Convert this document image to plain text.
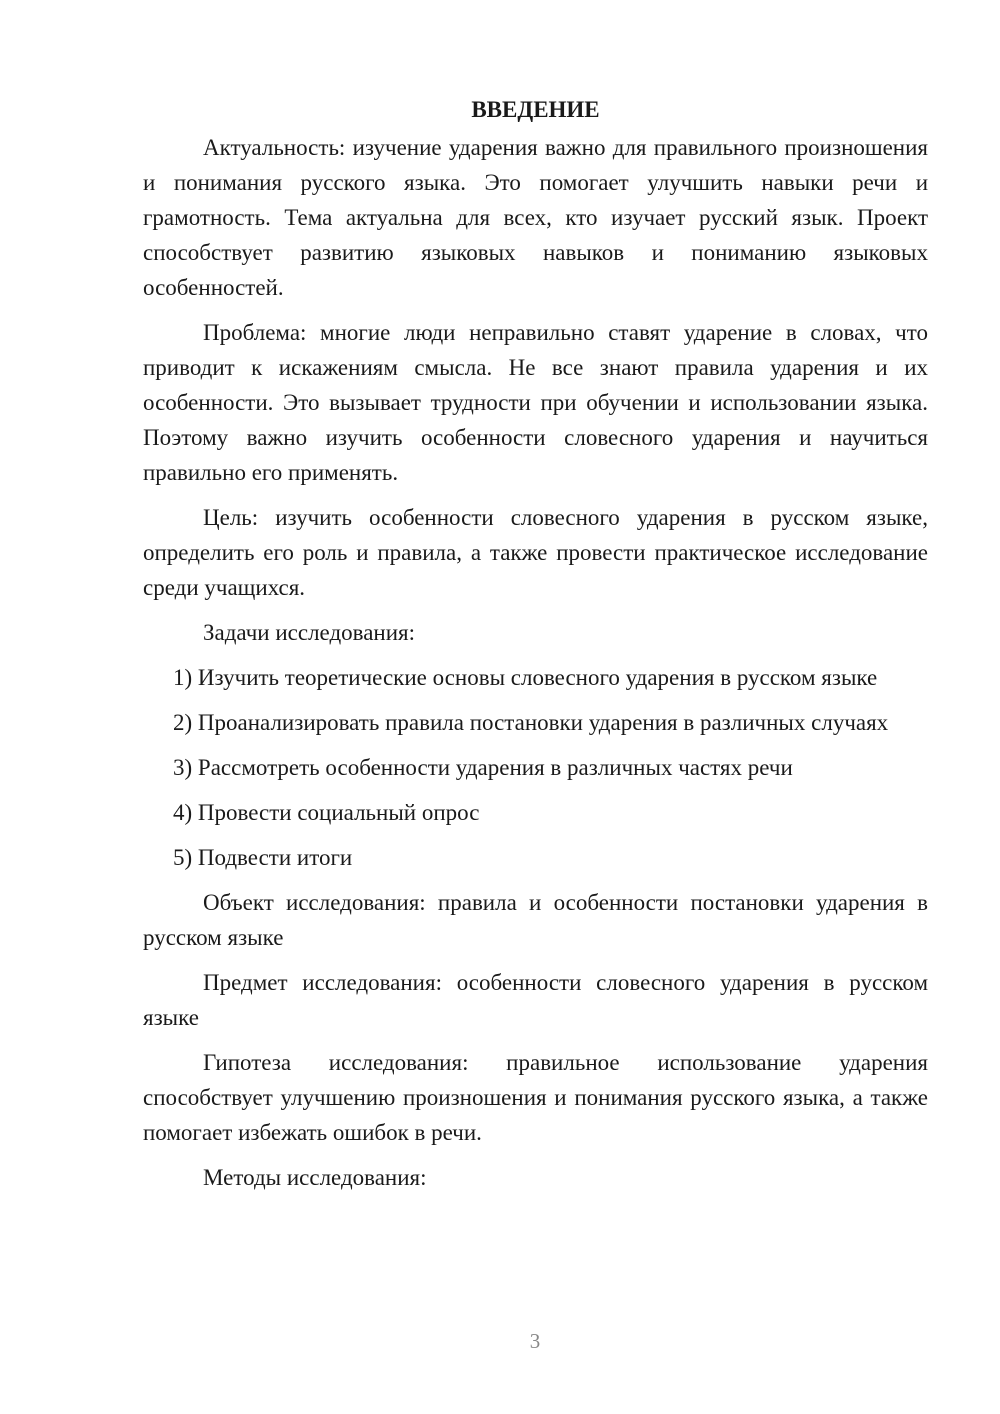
ВВЕДЕНИЕ

Актуальность: изучение ударения важно для правильного произношения и понимания русского языка. Это помогает улучшить навыки речи и грамотность. Тема актуальна для всех, кто изучает русский язык. Проект способствует развитию языковых навыков и пониманию языковых особенностей.

Проблема: многие люди неправильно ставят ударение в словах, что приводит к искажениям смысла. Не все знают правила ударения и их особенности. Это вызывает трудности при обучении и использовании языка. Поэтому важно изучить особенности словесного ударения и научиться правильно его применять.

Цель: изучить особенности словесного ударения в русском языке, определить его роль и правила, а также провести практическое исследование среди учащихся.

Задачи исследования:

1) Изучить теоретические основы словесного ударения в русском языке

2) Проанализировать правила постановки ударения в различных случаях

3) Рассмотреть особенности ударения в различных частях речи

4) Провести социальный опрос

5) Подвести итоги

Объект исследования: правила и особенности постановки ударения в русском языке

Предмет исследования: особенности словесного ударения в русском языке

Гипотеза исследования: правильное использование ударения способствует улучшению произношения и понимания русского языка, а также помогает избежать ошибок в речи.

Методы исследования:

3
